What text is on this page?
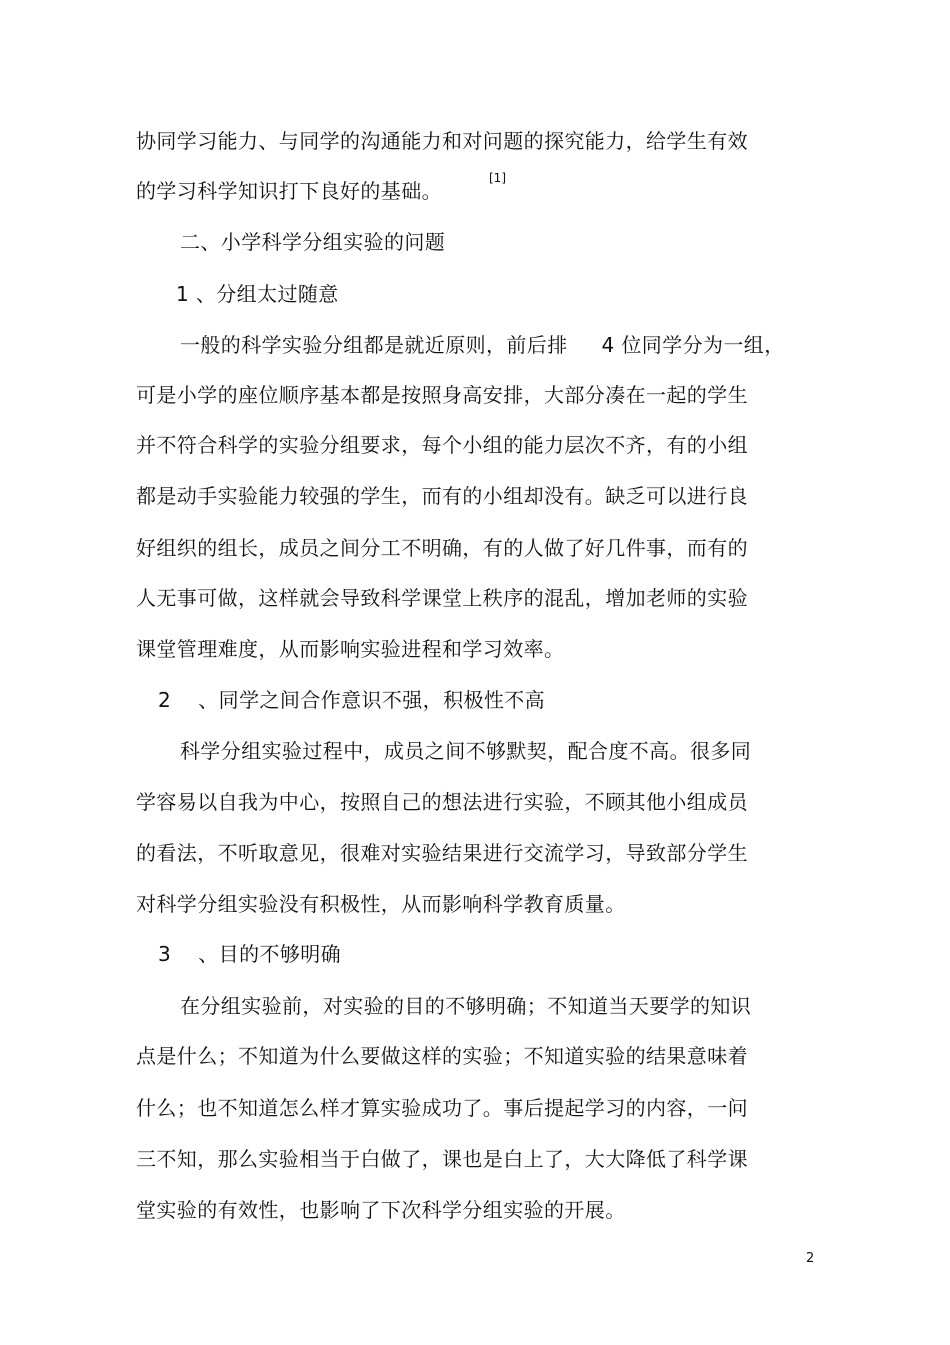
协同学习能力、与同学的沟通能力和对问题的探究能力，给学生有效
的学习科学知识打下良好的基础。
[1]
二、小学科学分组实验的问题
1 、分组太过随意
一般的科学实验分组都是就近原则，前后排 　 4 位同学分为一组，
可是小学的座位顺序基本都是按照身高安排，大部分凑在一起的学生
并不符合科学的实验分组要求，每个小组的能力层次不齐，有的小组
都是动手实验能力较强的学生，而有的小组却没有。缺乏可以进行良
好组织的组长，成员之间分工不明确，有的人做了好几件事，而有的
人无事可做，这样就会导致科学课堂上秩序的混乱，增加老师的实验
课堂管理难度，从而影响实验进程和学习效率。
2 　、同学之间合作意识不强，积极性不高
科学分组实验过程中，成员之间不够默契，配合度不高。很多同
学容易以自我为中心，按照自己的想法进行实验，不顾其他小组成员
的看法，不听取意见，很难对实验结果进行交流学习，导致部分学生
对科学分组实验没有积极性，从而影响科学教育质量。
3 　、目的不够明确
在分组实验前，对实验的目的不够明确；不知道当天要学的知识
点是什么；不知道为什么要做这样的实验；不知道实验的结果意味着
什么；也不知道怎么样才算实验成功了。事后提起学习的内容，一问
三不知，那么实验相当于白做了，课也是白上了，大大降低了科学课
堂实验的有效性，也影响了下次科学分组实验的开展。
2
